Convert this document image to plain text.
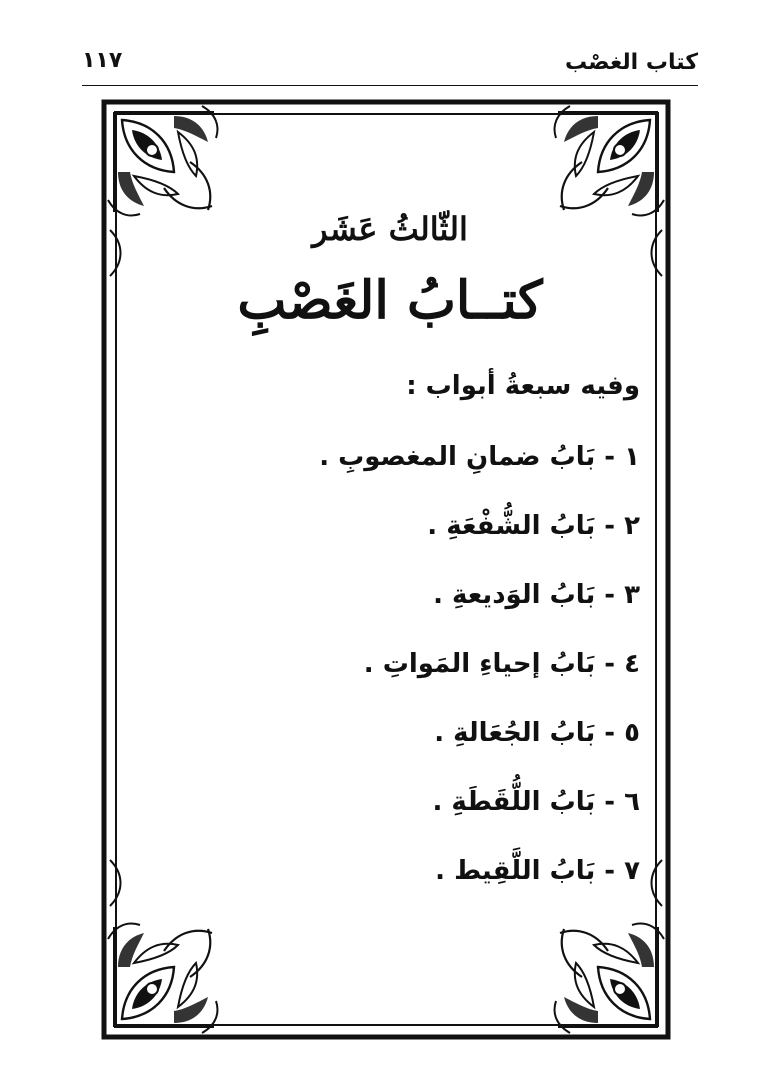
١١٧	كتاب الغصْب
الثّالثُ عَشَر
كتــابُ الغَصْبِ
وفيه سبعةُ أبواب :
١ - بَابُ ضمانِ المغصوبِ .
٢ - بَابُ الشُّفْعَةِ .
٣ - بَابُ الوَديعةِ .
٤ - بَابُ إحياءِ المَواتِ .
٥ - بَابُ الجُعَالةِ .
٦ - بَابُ اللُّقَطَةِ .
٧ - بَابُ اللَّقِيط .
